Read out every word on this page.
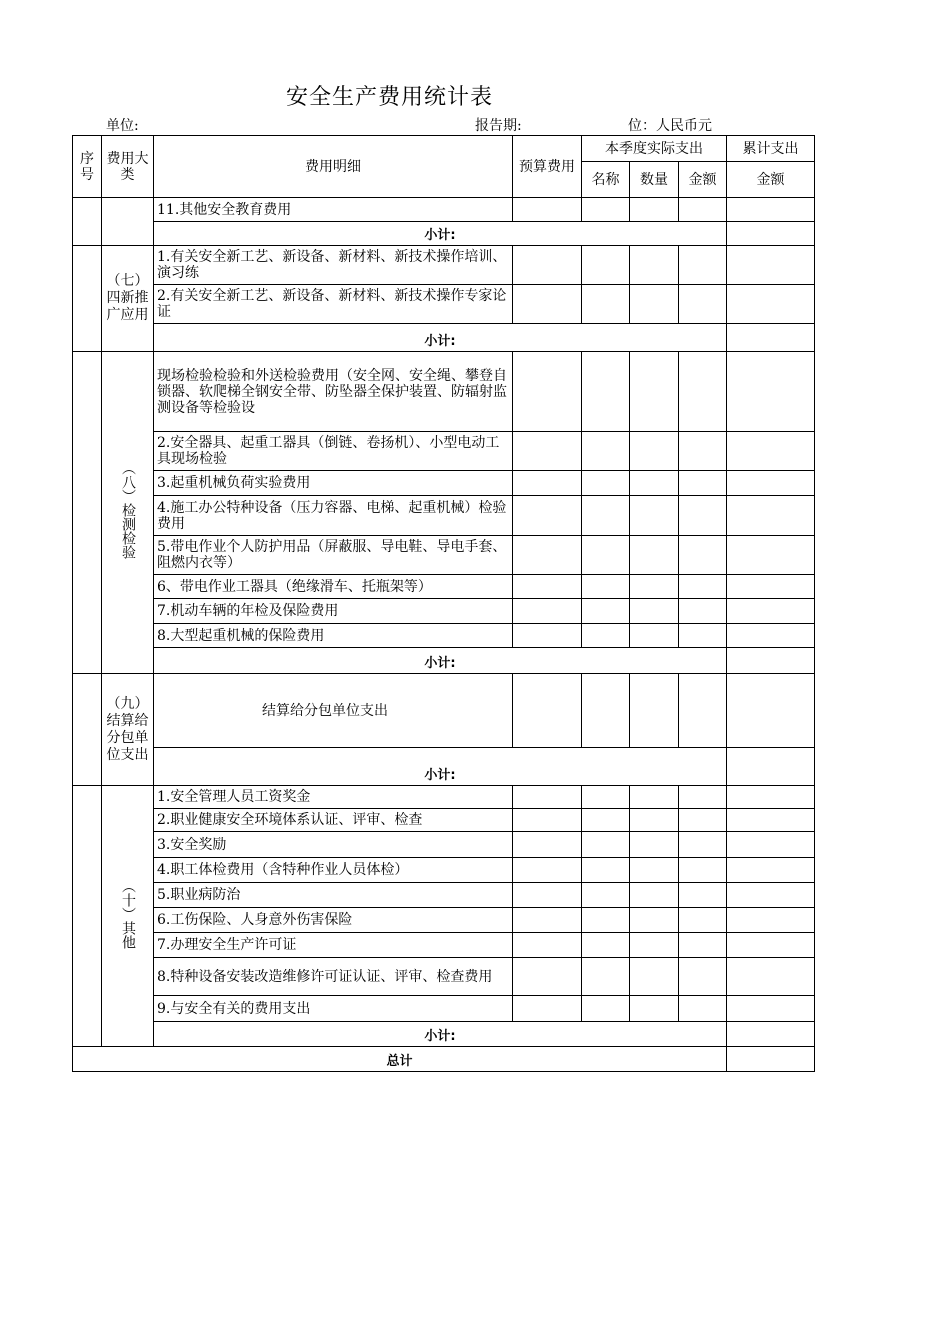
安全生产费用统计表
单位:	报告期:	位：人民币元
序号	费用大类	费用明细	预算费用	本季度实际支出			累计支出
				名称	数量	金额	金额
		11.其他安全教育费用					
		小计:					
	（七）四新推广应用	1.有关安全新工艺、新设备、新材料、新技术操作培训、演习练					
		2.有关安全新工艺、新设备、新材料、新技术操作专家论证					
		小计:					
	（八）检测检验	现场检验检验和外送检验费用（安全网、安全绳、攀登自锁器、软爬梯全钢安全带、防坠器全保护装置、防辐射监测设备等检验设					
		2.安全器具、起重工器具（倒链、卷扬机）、小型电动工具现场检验					
		3.起重机械负荷实验费用					
		4.施工办公特种设备（压力容器、电梯、起重机械）检验费用					
		5.带电作业个人防护用品（屏蔽服、导电鞋、导电手套、阻燃内衣等）					
		6、带电作业工器具（绝缘滑车、托瓶架等）					
		7.机动车辆的年检及保险费用					
		8.大型起重机械的保险费用					
		小计:					
	（九）结算给分包单位支出	结算给分包单位支出					
		小计:					
	（十）其他	1.安全管理人员工资奖金					
		2.职业健康安全环境体系认证、评审、检查					
		3.安全奖励					
		4.职工体检费用（含特种作业人员体检）					
		5.职业病防治					
		6.工伤保险、人身意外伤害保险					
		7.办理安全生产许可证					
		8.特种设备安装改造维修许可证认证、评审、检查费用					
		9.与安全有关的费用支出					
		小计:					
总计							
